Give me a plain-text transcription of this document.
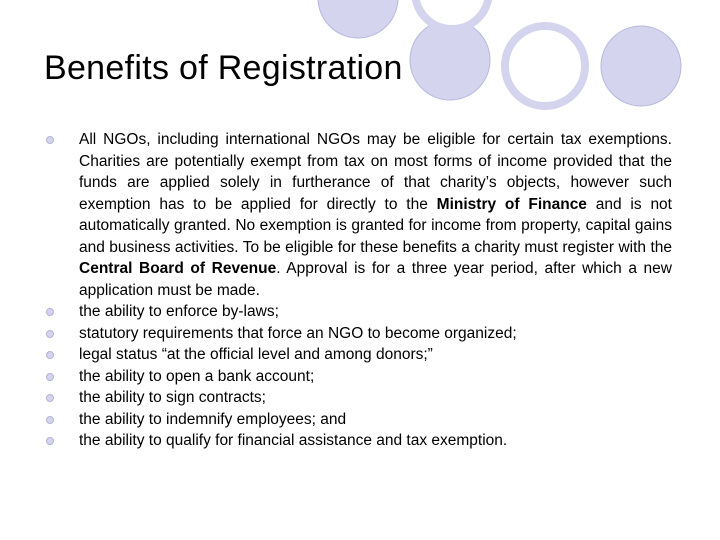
Benefits of Registration
All NGOs, including international NGOs may be eligible for certain tax exemptions. Charities are potentially exempt from tax on most forms of income provided that the funds are applied solely in furtherance of that charity’s objects, however such exemption has to be applied for directly to the Ministry of Finance and is not automatically granted. No exemption is granted for income from property, capital gains and business activities. To be eligible for these benefits a charity must register with the Central Board of Revenue. Approval is for a three year period, after which a new application must be made.
the ability to enforce by-laws;
statutory requirements that force an NGO to become organized;
legal status “at the official level and among donors;”
the ability to open a bank account;
the ability to sign contracts;
the ability to indemnify employees; and
the ability to qualify for financial assistance and tax exemption.
